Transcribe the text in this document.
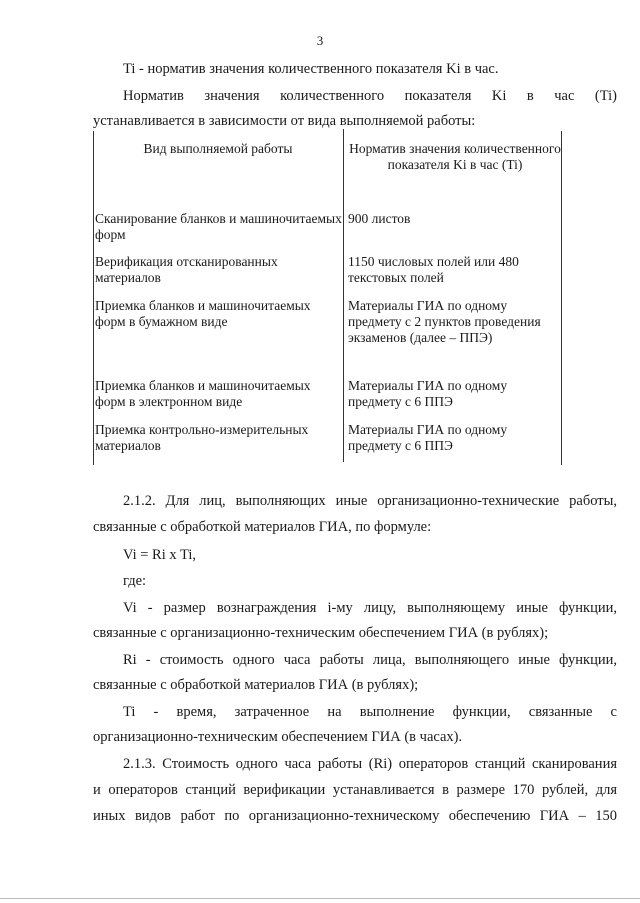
3
Ti - норматив значения количественного показателя Ki в час.
Норматив значения количественного показателя Ki в час (Ti)
устанавливается в зависимости от вида выполняемой работы:
Вид выполняемой работы	Норматив значения количественного показателя Ki в час (Ti)
Сканирование бланков и машиночитаемых форм	900 листов
Верификация отсканированных материалов	1150 числовых полей или 480 текстовых полей
Приемка бланков и машиночитаемых форм в бумажном виде	Материалы ГИА по одному предмету с 2 пунктов проведения экзаменов (далее – ППЭ)
Приемка бланков и машиночитаемых форм в электронном виде	Материалы ГИА по одному предмету с 6 ППЭ
Приемка контрольно-измерительных материалов	Материалы ГИА по одному предмету с 6 ППЭ
2.1.2. Для лиц, выполняющих иные организационно-технические работы,
связанные с обработкой материалов ГИА, по формуле:
Vi = Ri x Ti,
где:
Vi - размер вознаграждения i-му лицу, выполняющему иные функции,
связанные с организационно-техническим обеспечением ГИА (в рублях);
Ri - стоимость одного часа работы лица, выполняющего иные функции,
связанные с обработкой материалов ГИА (в рублях);
Ti - время, затраченное на выполнение функции, связанные с
организационно-техническим обеспечением ГИА (в часах).
2.1.3. Стоимость одного часа работы (Ri) операторов станций сканирования
и операторов станций верификации устанавливается в размере 170 рублей, для
иных видов работ по организационно-техническому обеспечению ГИА – 150
